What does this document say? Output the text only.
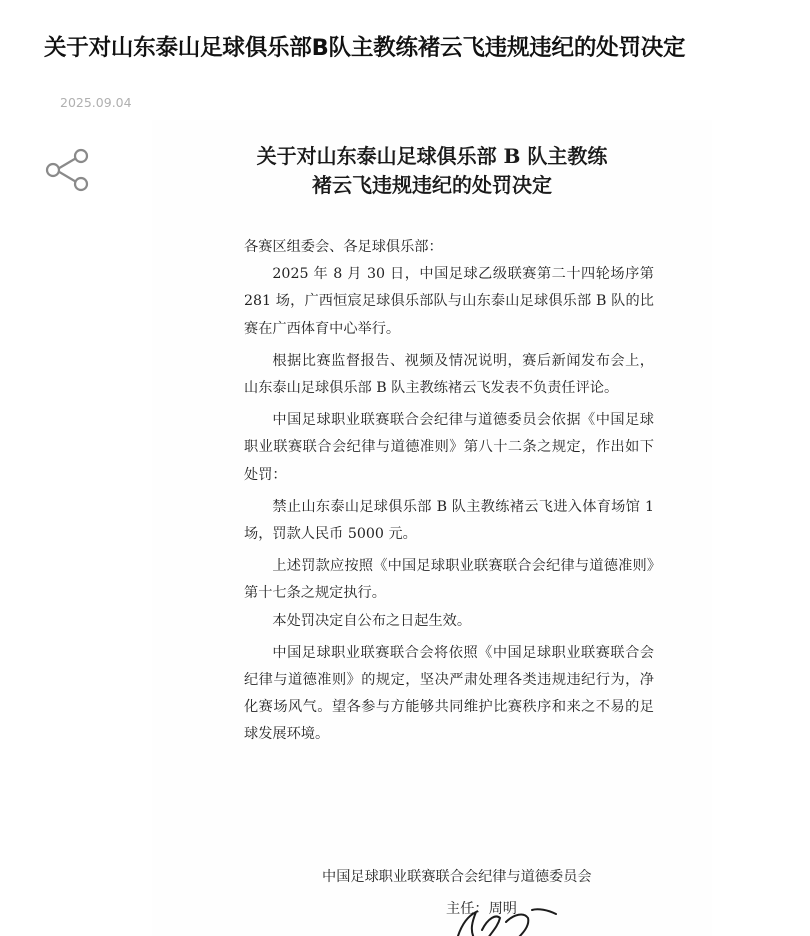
关于对山东泰山足球俱乐部B队主教练褚云飞违规违纪的处罚决定
2025.09.04
关于对山东泰山足球俱乐部 B 队主教练
褚云飞违规违纪的处罚决定

各赛区组委会、各足球俱乐部：

2025 年 8 月 30 日，中国足球乙级联赛第二十四轮场序第 281 场，广西恒宸足球俱乐部队与山东泰山足球俱乐部 B 队的比赛在广西体育中心举行。

根据比赛监督报告、视频及情况说明，赛后新闻发布会上，山东泰山足球俱乐部 B 队主教练褚云飞发表不负责任评论。

中国足球职业联赛联合会纪律与道德委员会依据《中国足球职业联赛联合会纪律与道德准则》第八十二条之规定，作出如下处罚：

禁止山东泰山足球俱乐部 B 队主教练褚云飞进入体育场馆 1 场，罚款人民币 5000 元。

上述罚款应按照《中国足球职业联赛联合会纪律与道德准则》第十七条之规定执行。

本处罚决定自公布之日起生效。

中国足球职业联赛联合会将依照《中国足球职业联赛联合会纪律与道德准则》的规定，坚决严肃处理各类违规违纪行为，净化赛场风气。望各参与方能够共同维护比赛秩序和来之不易的足球发展环境。

中国足球职业联赛联合会纪律与道德委员会
主任：周明
